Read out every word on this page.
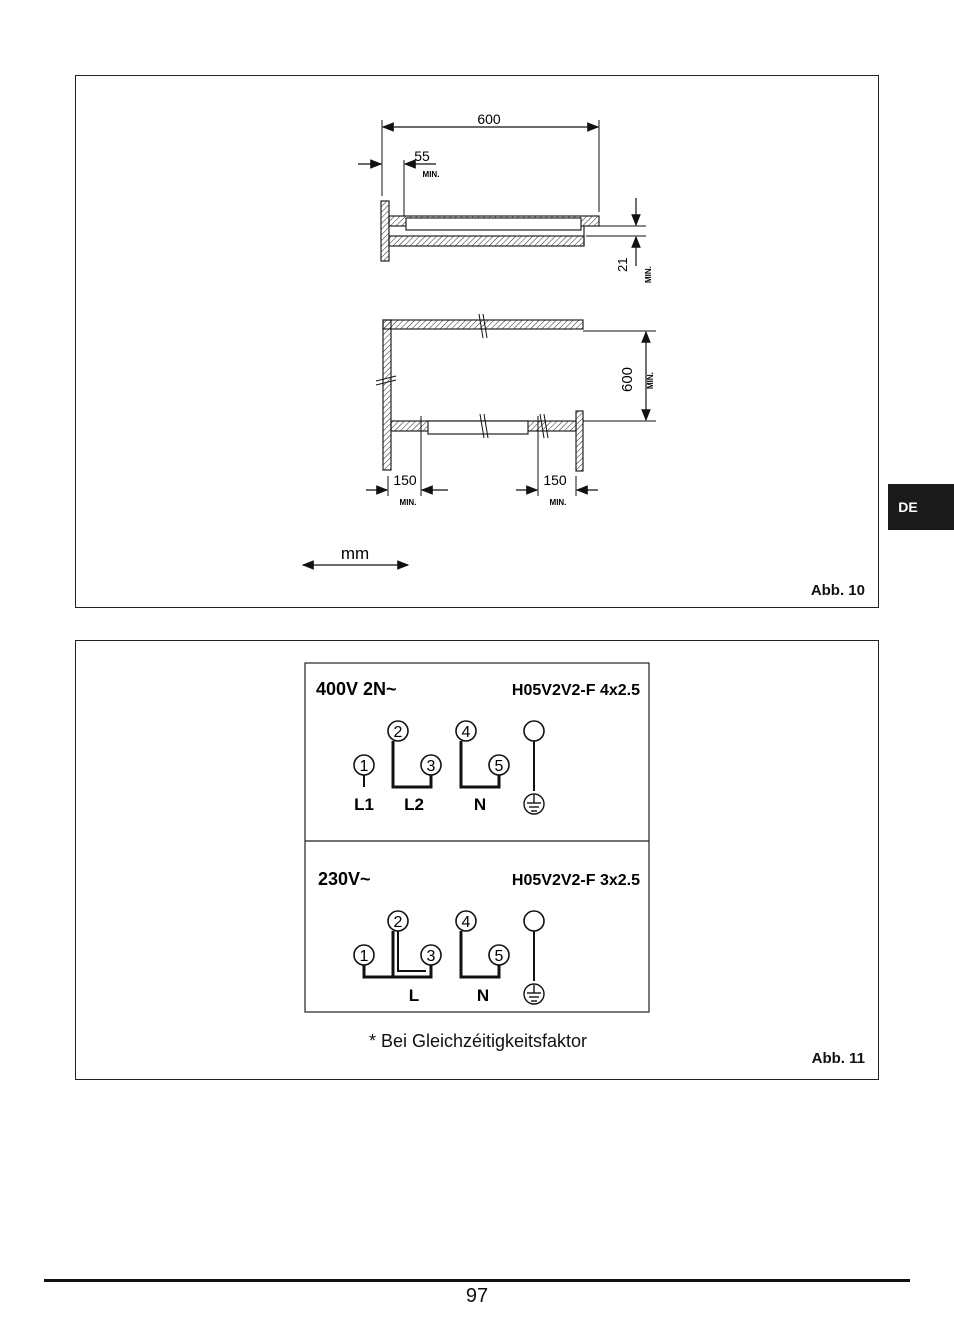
600
55
MIN.
21
MIN.
600 MIN.
150
MIN.
150
MIN.
mm
Abb. 10
400V 2N~	H05V2V2-F 4x2.5
1
2
3
4
5
L1 L2	N
230V~	H05V2V2-F 3x2.5
1
2
3
4
5
L	N
* Bei Gleichzéitigkeitsfaktor
Abb. 11
DE
97
